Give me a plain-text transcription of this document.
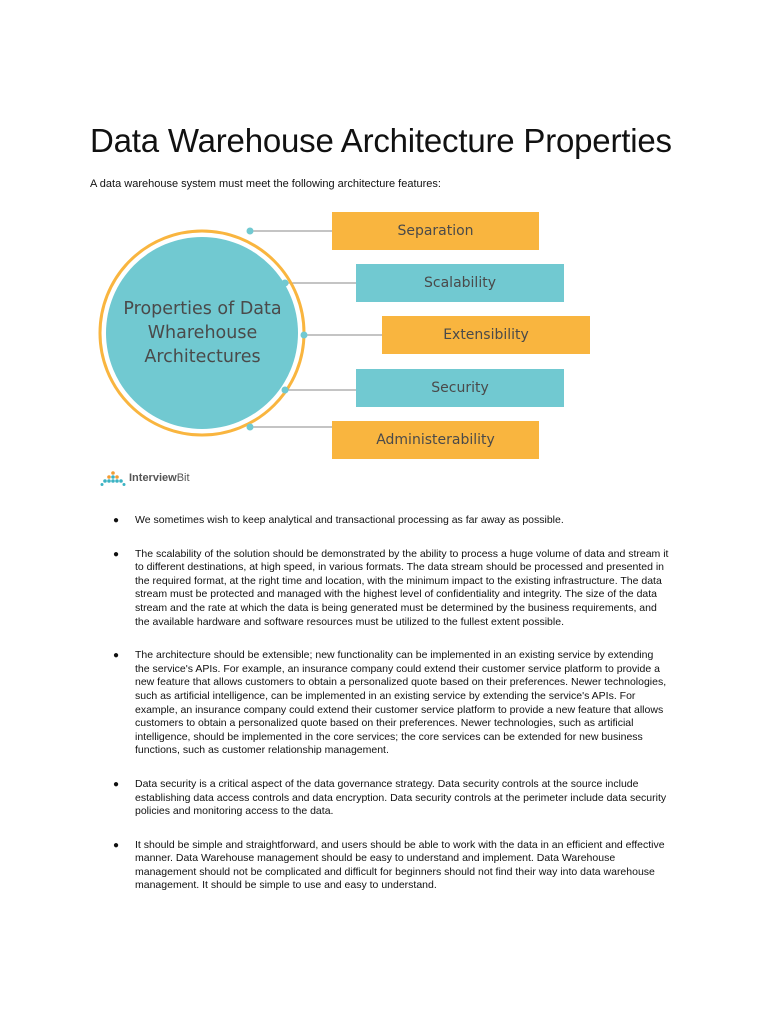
Data Warehouse Architecture Properties

A data warehouse system must meet the following architecture features:

Properties of Data
Wharehouse
Architectures
Separation
Scalability
Extensibility
Security
Administerability
InterviewBit
● We sometimes wish to keep analytical and transactional processing as far away as possible.
● The scalability of the solution should be demonstrated by the ability to process a huge volume of data and stream it to different destinations, at high speed, in various formats. The data stream should be processed and presented in the required format, at the right time and location, with the minimum impact to the existing infrastructure. The data stream must be protected and managed with the highest level of confidentiality and integrity. The size of the data stream and the rate at which the data is being generated must be determined by the business requirements, and the available hardware and software resources must be utilized to the fullest extent possible.
● The architecture should be extensible; new functionality can be implemented in an existing service by extending the service's APIs. For example, an insurance company could extend their customer service platform to provide a new feature that allows customers to obtain a personalized quote based on their preferences. Newer technologies, such as artificial intelligence, can be implemented in an existing service by extending the service's APIs. For example, an insurance company could extend their customer service platform to provide a new feature that allows customers to obtain a personalized quote based on their preferences. Newer technologies, such as artificial intelligence, should be implemented in the core services; the core services can be extended for new business functions, such as customer relationship management.
● Data security is a critical aspect of the data governance strategy. Data security controls at the source include establishing data access controls and data encryption. Data security controls at the perimeter include data security policies and monitoring access to the data.
● It should be simple and straightforward, and users should be able to work with the data in an efficient and effective manner. Data Warehouse management should be easy to understand and implement. Data Warehouse management should not be complicated and difficult for beginners should not find their way into data warehouse management. It should be simple to use and easy to understand.
